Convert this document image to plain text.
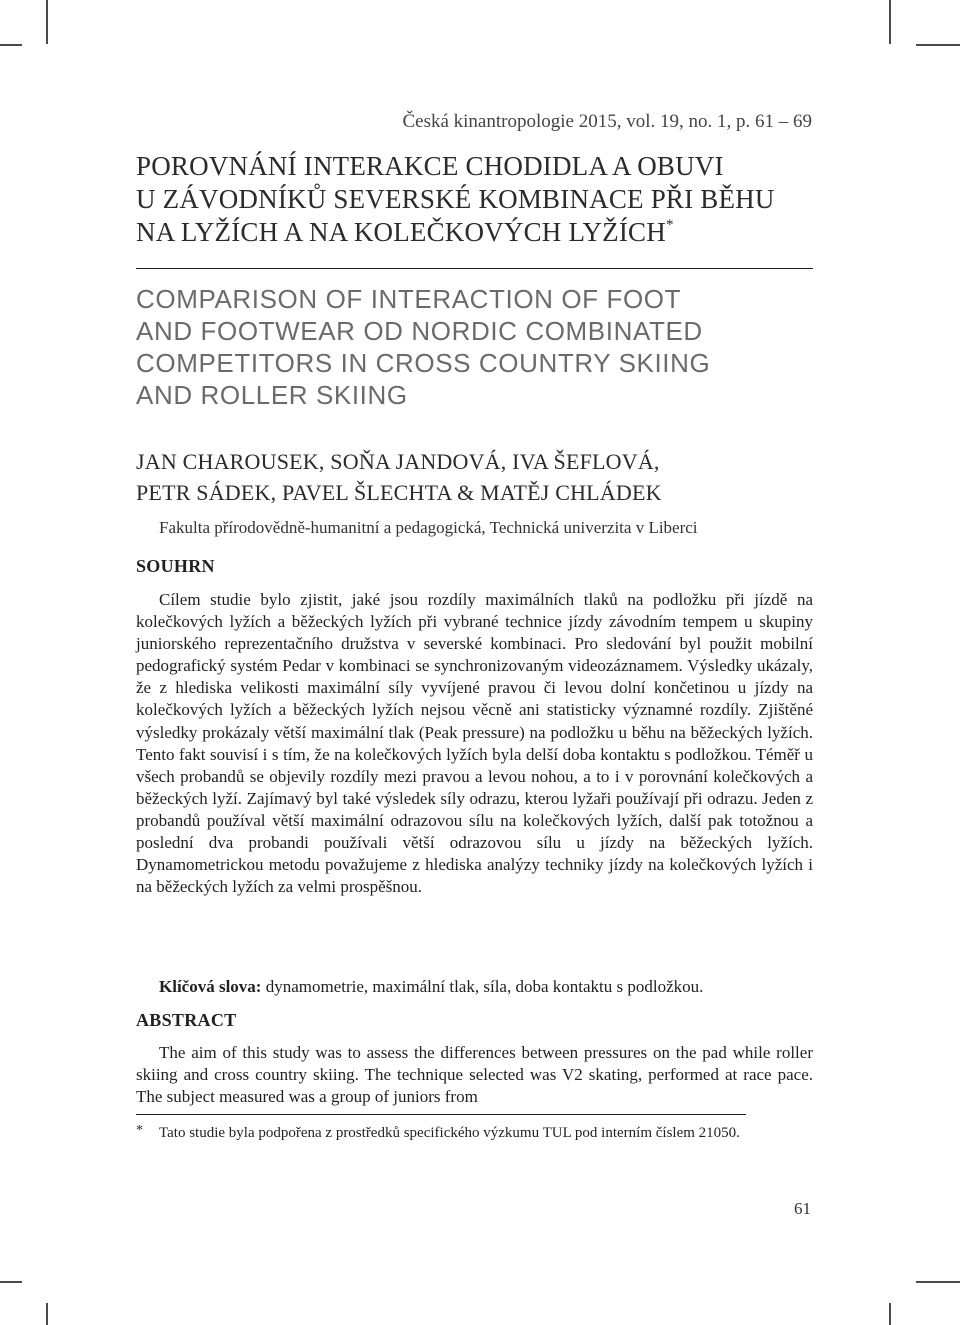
Česká kinantropologie 2015, vol. 19, no. 1, p. 61 – 69
POROVNÁNÍ INTERAKCE CHODIDLA A OBUVI
U ZÁVODNÍKŮ SEVERSKÉ KOMBINACE PŘI BĚHU
NA LYŽÍCH A NA KOLEČKOVÝCH LYŽÍCH*
COMPARISON OF INTERACTION OF FOOT
AND FOOTWEAR OD NORDIC COMBINATED
COMPETITORS IN CROSS COUNTRY SKIING
AND ROLLER SKIING
JAN CHAROUSEK, SOŇA JANDOVÁ, IVA ŠEFLOVÁ,
PETR SÁDEK, PAVEL ŠLECHTA & MATĚJ CHLÁDEK
Fakulta přírodovědně-humanitní a pedagogická, Technická univerzita v Liberci
SOUHRN
Cílem studie bylo zjistit, jaké jsou rozdíly maximálních tlaků na podložku při jízdě na kolečkových lyžích a běžeckých lyžích při vybrané technice jízdy závodním tempem u skupiny juniorského reprezentačního družstva v severské kombinaci. Pro sledování byl použit mobilní pedografický systém Pedar v kombinaci se synchronizovaným videozáznamem. Výsledky ukázaly, že z hlediska velikosti maximální síly vyvíjené pravou či levou dolní končetinou u jízdy na kolečkových lyžích a běžeckých lyžích nejsou věcně ani statisticky významné rozdíly. Zjištěné výsledky prokázaly větší maximální tlak (Peak pressure) na podložku u běhu na běžeckých lyžích. Tento fakt souvisí i s tím, že na kolečkových lyžích byla delší doba kontaktu s podložkou. Téměř u všech probandů se objevily rozdíly mezi pravou a levou nohou, a to i v porovnání kolečkových a běžeckých lyží. Zajímavý byl také výsledek síly odrazu, kterou lyžaři používají při odrazu. Jeden z probandů používal větší maximální odrazovou sílu na kolečkových lyžích, další pak totožnou a poslední dva probandi používali větší odrazovou sílu u jízdy na běžeckých lyžích. Dynamometrickou metodu považujeme z hlediska analýzy techniky jízdy na kolečkových lyžích i na běžeckých lyžích za velmi prospěšnou.
Klíčová slova: dynamometrie, maximální tlak, síla, doba kontaktu s podložkou.
ABSTRACT
The aim of this study was to assess the differences between pressures on the pad while roller skiing and cross country skiing. The technique selected was V2 skating, performed at race pace. The subject measured was a group of juniors from
*	Tato studie byla podpořena z prostředků specifického výzkumu TUL pod interním číslem 21050.
61
